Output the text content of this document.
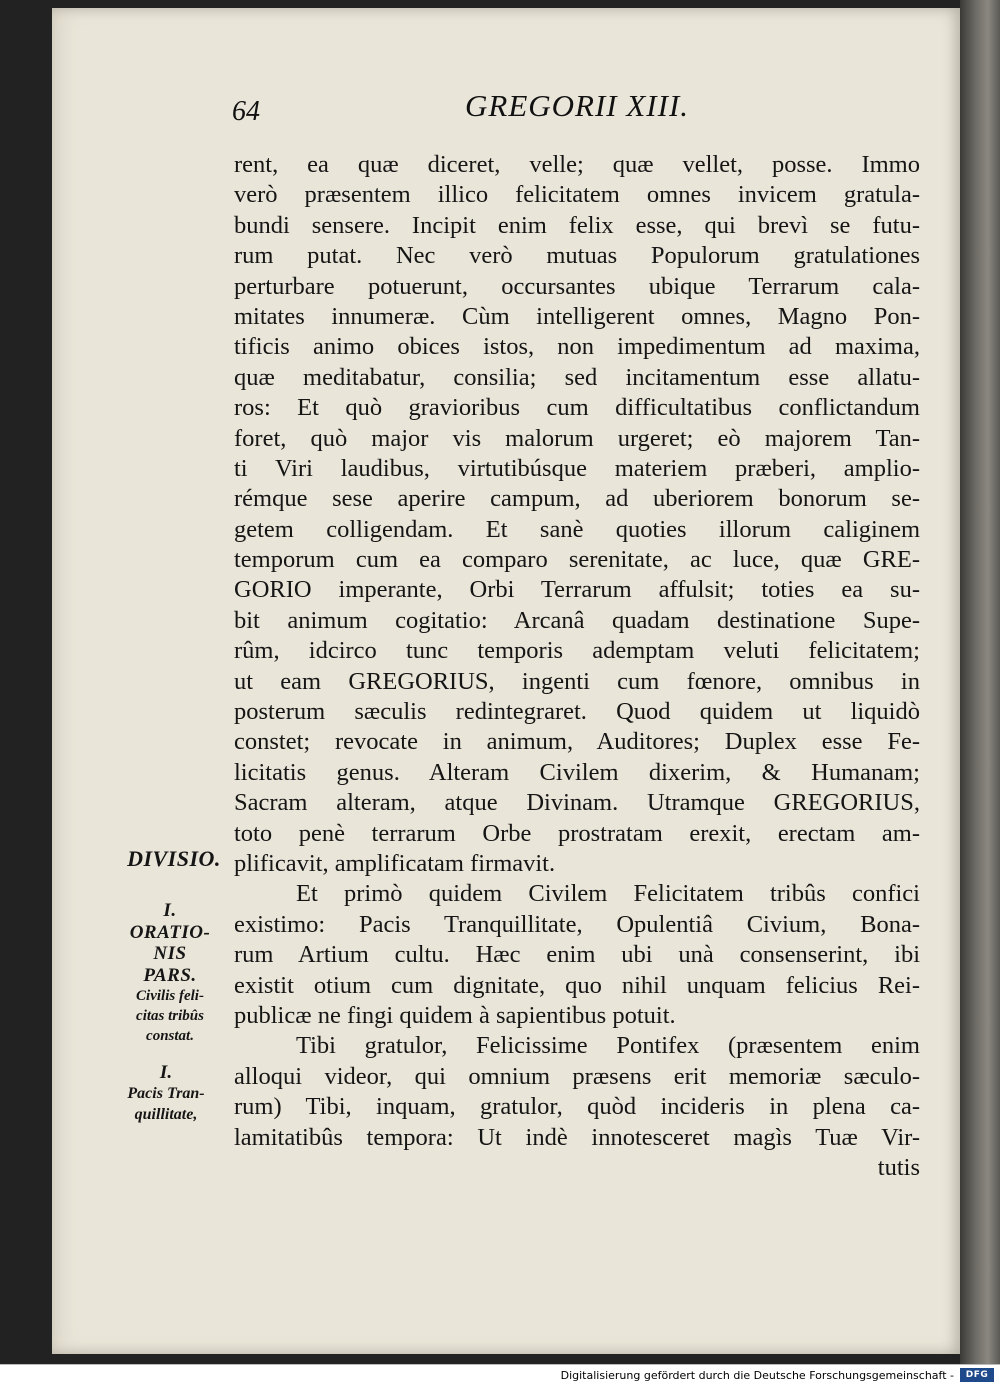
64	GREGORII XIII.
rent, ea quæ diceret, velle; quæ vellet, posse. Immo
verò præsentem illico felicitatem omnes invicem gratula-
bundi sensere. Incipit enim felix esse, qui brevì se futu-
rum putat. Nec verò mutuas Populorum gratulationes
perturbare potuerunt, occursantes ubique Terrarum cala-
mitates innumeræ. Cùm intelligerent omnes, Magno Pon-
tificis animo obices istos, non impedimentum ad maxima,
quæ meditabatur, consilia; sed incitamentum esse allatu-
ros: Et quò gravioribus cum difficultatibus conflictandum
foret, quò major vis malorum urgeret; eò majorem Tan-
ti Viri laudibus, virtutibúsque materiem præberi, amplio-
rémque sese aperire campum, ad uberiorem bonorum se-
getem colligendam. Et sanè quoties illorum caliginem
temporum cum ea comparo serenitate, ac luce, quæ GRE-
GORIO imperante, Orbi Terrarum affulsit; toties ea su-
bit animum cogitatio: Arcanâ quadam destinatione Supe-
rûm, idcirco tunc temporis ademptam veluti felicitatem;
ut eam GREGORIUS, ingenti cum fœnore, omnibus in
posterum sæculis redintegraret. Quod quidem ut liquidò
constet; revocate in animum, Auditores; Duplex esse Fe-
licitatis genus. Alteram Civilem dixerim, & Humanam;
Sacram alteram, atque Divinam. Utramque GREGORIUS,
toto penè terrarum Orbe prostratam erexit, erectam am-
plificavit, amplificatam firmavit.
Et primò quidem Civilem Felicitatem tribûs confici
existimo: Pacis Tranquillitate, Opulentiâ Civium, Bona-
rum Artium cultu. Hæc enim ubi unà consenserint, ibi
existit otium cum dignitate, quo nihil unquam felicius Rei-
publicæ ne fingi quidem à sapientibus potuit.
Tibi gratulor, Felicissime Pontifex (præsentem enim
alloqui videor, qui omnium præsens erit memoriæ sæculo-
rum) Tibi, inquam, gratulor, quòd incideris in plena ca-
lamitatibûs tempora: Ut indè innotesceret magìs Tuæ Vir-
tutis
DIVISIO.
I.
ORATIO-
NIS
PARS.
Civilis feli-
citas tribûs
constat.
I.
Pacis Tran-
quillitate,
Digitalisierung gefördert durch die Deutsche Forschungsgemeinschaft -	DFG
